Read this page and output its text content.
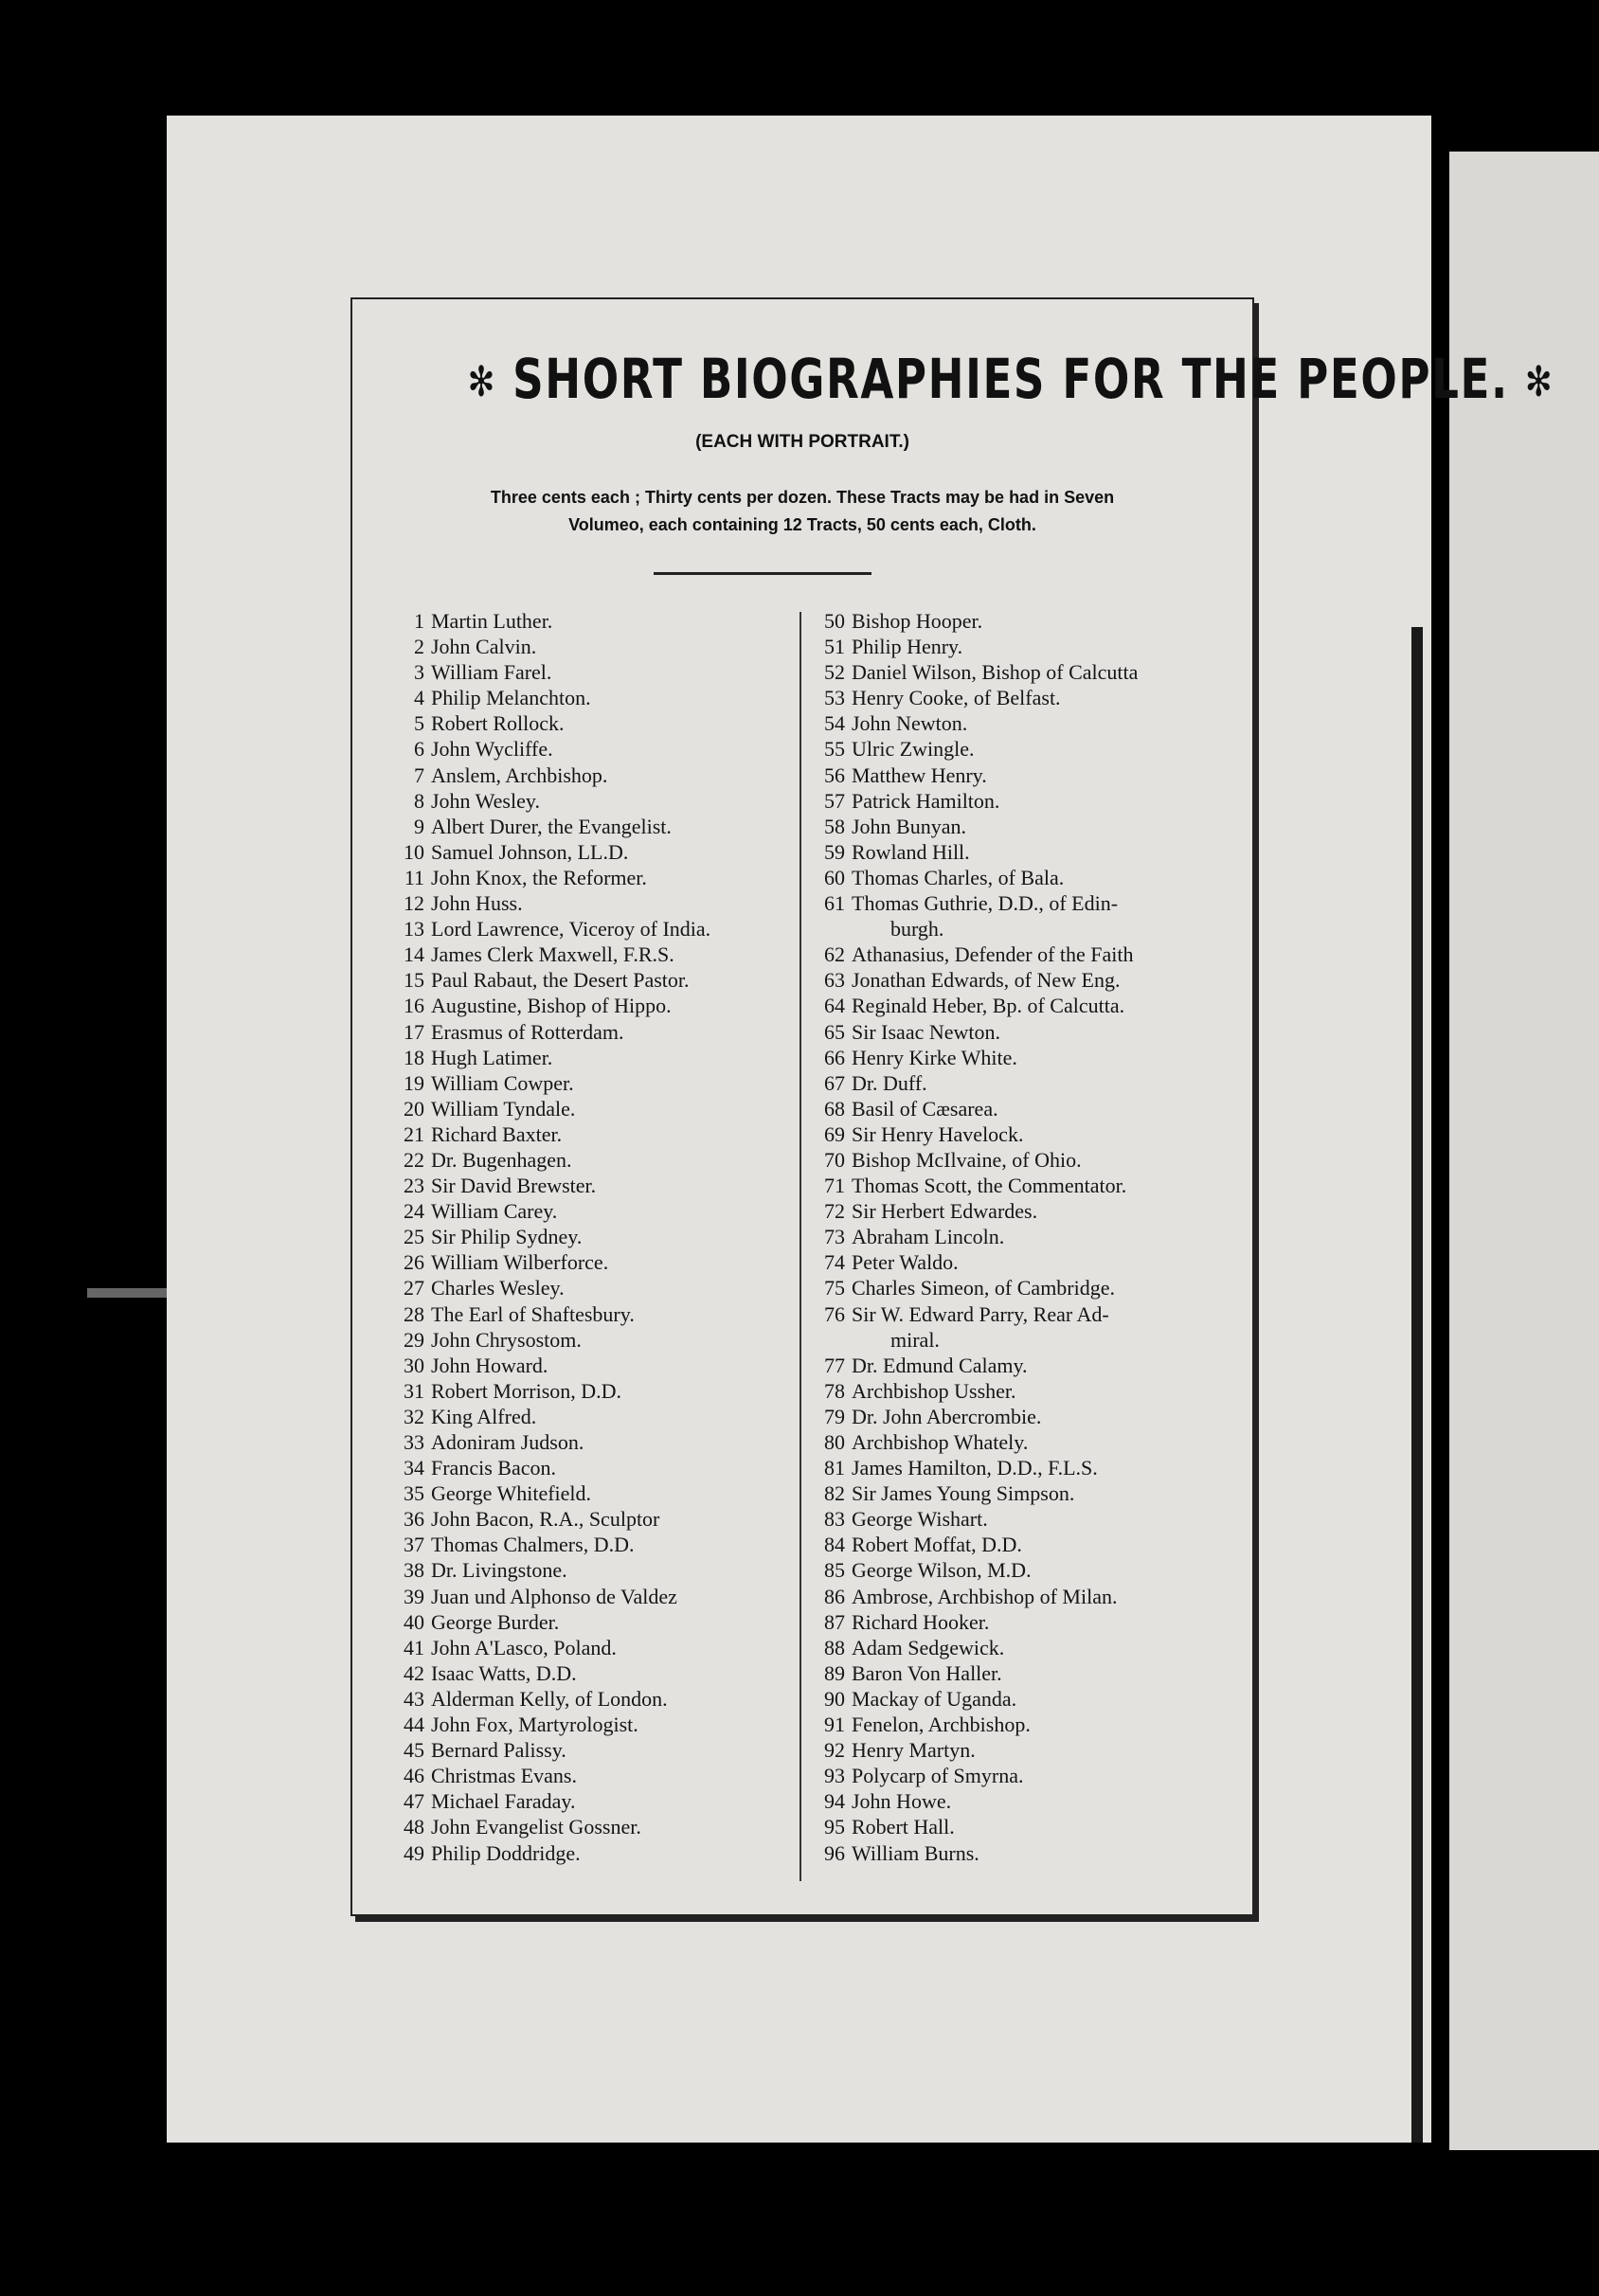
✻ SHORT BIOGRAPHIES FOR THE PEOPLE. ✻
(EACH WITH PORTRAIT.)
Three cents each ; Thirty cents per dozen. These Tracts may be had in Seven
Volumeo, each containing 12 Tracts, 50 cents each, Cloth.
1 Martin Luther.
2 John Calvin.
3 William Farel.
4 Philip Melanchton.
5 Robert Rollock.
6 John Wycliffe.
7 Anslem, Archbishop.
8 John Wesley.
9 Albert Durer, the Evangelist.
10 Samuel Johnson, LL.D.
11 John Knox, the Reformer.
12 John Huss.
13 Lord Lawrence, Viceroy of India.
14 James Clerk Maxwell, F.R.S.
15 Paul Rabaut, the Desert Pastor.
16 Augustine, Bishop of Hippo.
17 Erasmus of Rotterdam.
18 Hugh Latimer.
19 William Cowper.
20 William Tyndale.
21 Richard Baxter.
22 Dr. Bugenhagen.
23 Sir David Brewster.
24 William Carey.
25 Sir Philip Sydney.
26 William Wilberforce.
27 Charles Wesley.
28 The Earl of Shaftesbury.
29 John Chrysostom.
30 John Howard.
31 Robert Morrison, D.D.
32 King Alfred.
33 Adoniram Judson.
34 Francis Bacon.
35 George Whitefield.
36 John Bacon, R.A., Sculptor
37 Thomas Chalmers, D.D.
38 Dr. Livingstone.
39 Juan und Alphonso de Valdez
40 George Burder.
41 John A'Lasco, Poland.
42 Isaac Watts, D.D.
43 Alderman Kelly, of London.
44 John Fox, Martyrologist.
45 Bernard Palissy.
46 Christmas Evans.
47 Michael Faraday.
48 John Evangelist Gossner.
49 Philip Doddridge.
50 Bishop Hooper.
51 Philip Henry.
52 Daniel Wilson, Bishop of Calcutta
53 Henry Cooke, of Belfast.
54 John Newton.
55 Ulric Zwingle.
56 Matthew Henry.
57 Patrick Hamilton.
58 John Bunyan.
59 Rowland Hill.
60 Thomas Charles, of Bala.
61 Thomas Guthrie, D.D., of Edin-
burgh.
62 Athanasius, Defender of the Faith
63 Jonathan Edwards, of New Eng.
64 Reginald Heber, Bp. of Calcutta.
65 Sir Isaac Newton.
66 Henry Kirke White.
67 Dr. Duff.
68 Basil of Cæsarea.
69 Sir Henry Havelock.
70 Bishop McIlvaine, of Ohio.
71 Thomas Scott, the Commentator.
72 Sir Herbert Edwardes.
73 Abraham Lincoln.
74 Peter Waldo.
75 Charles Simeon, of Cambridge.
76 Sir W. Edward Parry, Rear Ad-
miral.
77 Dr. Edmund Calamy.
78 Archbishop Ussher.
79 Dr. John Abercrombie.
80 Archbishop Whately.
81 James Hamilton, D.D., F.L.S.
82 Sir James Young Simpson.
83 George Wishart.
84 Robert Moffat, D.D.
85 George Wilson, M.D.
86 Ambrose, Archbishop of Milan.
87 Richard Hooker.
88 Adam Sedgewick.
89 Baron Von Haller.
90 Mackay of Uganda.
91 Fenelon, Archbishop.
92 Henry Martyn.
93 Polycarp of Smyrna.
94 John Howe.
95 Robert Hall.
96 William Burns.
